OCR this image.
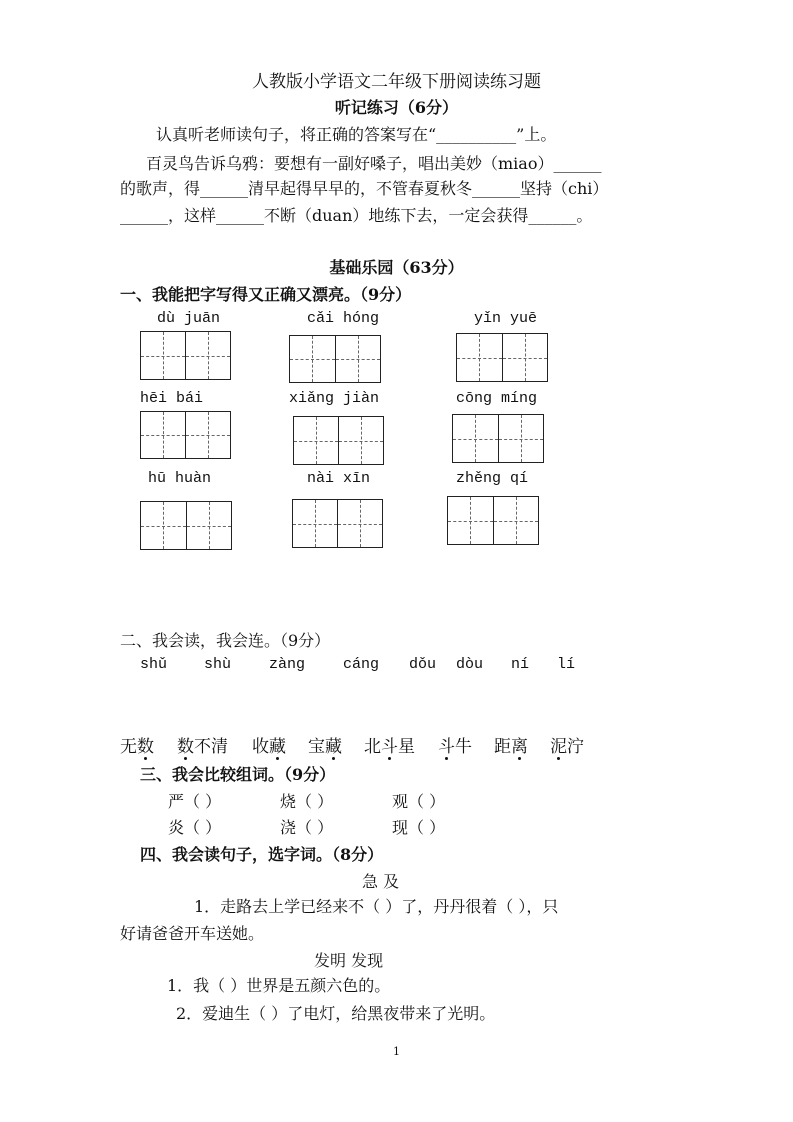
人教版小学语文二年级下册阅读练习题
听记练习（6分）
认真听老师读句子，将正确的答案写在“__________”上。
百灵鸟告诉乌鸦：要想有一副好嗓子，唱出美妙（miao）______
的歌声，得______清早起得早早的，不管春夏秋冬______坚持（chi）
______，这样______不断（duan）地练下去，一定会获得______。
基础乐园（63分）
一、我能把字写得又正确又漂亮。（9分）
dù juān	cǎi hóng	yǐn yuē
hēi bái	xiǎng jiàn	cōng míng
hū huàn	nài xīn	zhěng qí
二、我会读，我会连。（9分）
shǔ shù	zàng	cáng dǒu dòu ní lí
无数 数不清 收藏 宝藏 北斗星 斗牛 距离 泥泞
三、我会比较组词。（9分）
严（ ）	烧（ ）	观（ ）
炎（ ）	浇（ ）	现（ ）
四、我会读句子，选字词。（8分）
急 及
1．走路去上学已经来不（ ）了，丹丹很着（ ），只
好请爸爸开车送她。
发明 发现
1．我（ ）世界是五颜六色的。
2．爱迪生（ ）了电灯，给黑夜带来了光明。
1
